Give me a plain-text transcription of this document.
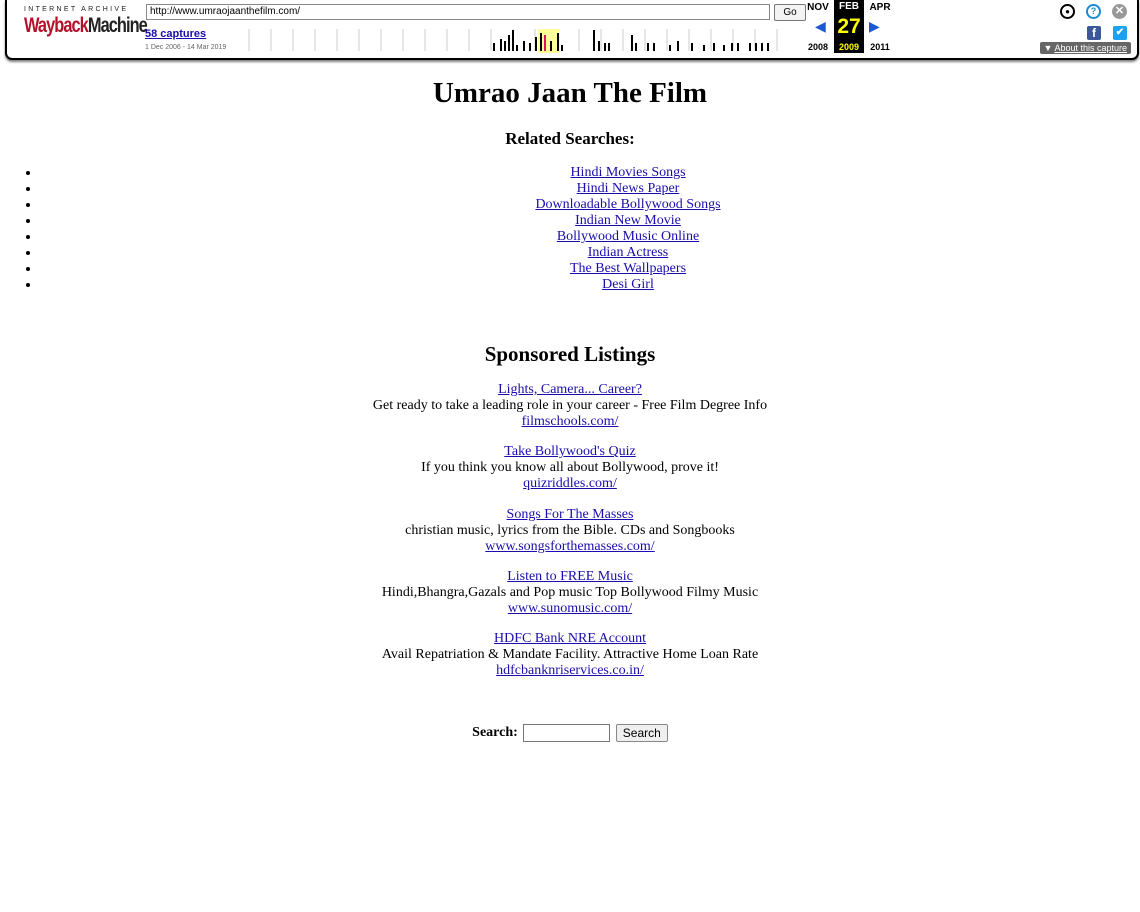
INTERNET ARCHIVE
WaybackMachine
http://www.umraojaanthefilm.com/	Go
58 captures
1 Dec 2006 - 14 Mar 2019
NOV	FEB	APR
◀ 27 ▶
2008	2009	2011
●	?	✕
f	✔
▼ About this capture
Umrao Jaan The Film
Related Searches:
• Hindi Movies Songs
• Hindi News Paper
• Downloadable Bollywood Songs
• Indian New Movie
• Bollywood Music Online
• Indian Actress
• The Best Wallpapers
• Desi Girl
Sponsored Listings
Lights, Camera... Career?
Get ready to take a leading role in your career - Free Film Degree Info
filmschools.com/
Take Bollywood's Quiz
If you think you know all about Bollywood, prove it!
quizriddles.com/
Songs For The Masses
christian music, lyrics from the Bible. CDs and Songbooks
www.songsforthemasses.com/
Listen to FREE Music
Hindi,Bhangra,Gazals and Pop music Top Bollywood Filmy Music
www.sunomusic.com/
HDFC Bank NRE Account
Avail Repatriation & Mandate Facility. Attractive Home Loan Rate
hdfcbanknriservices.co.in/
Search:	Search
